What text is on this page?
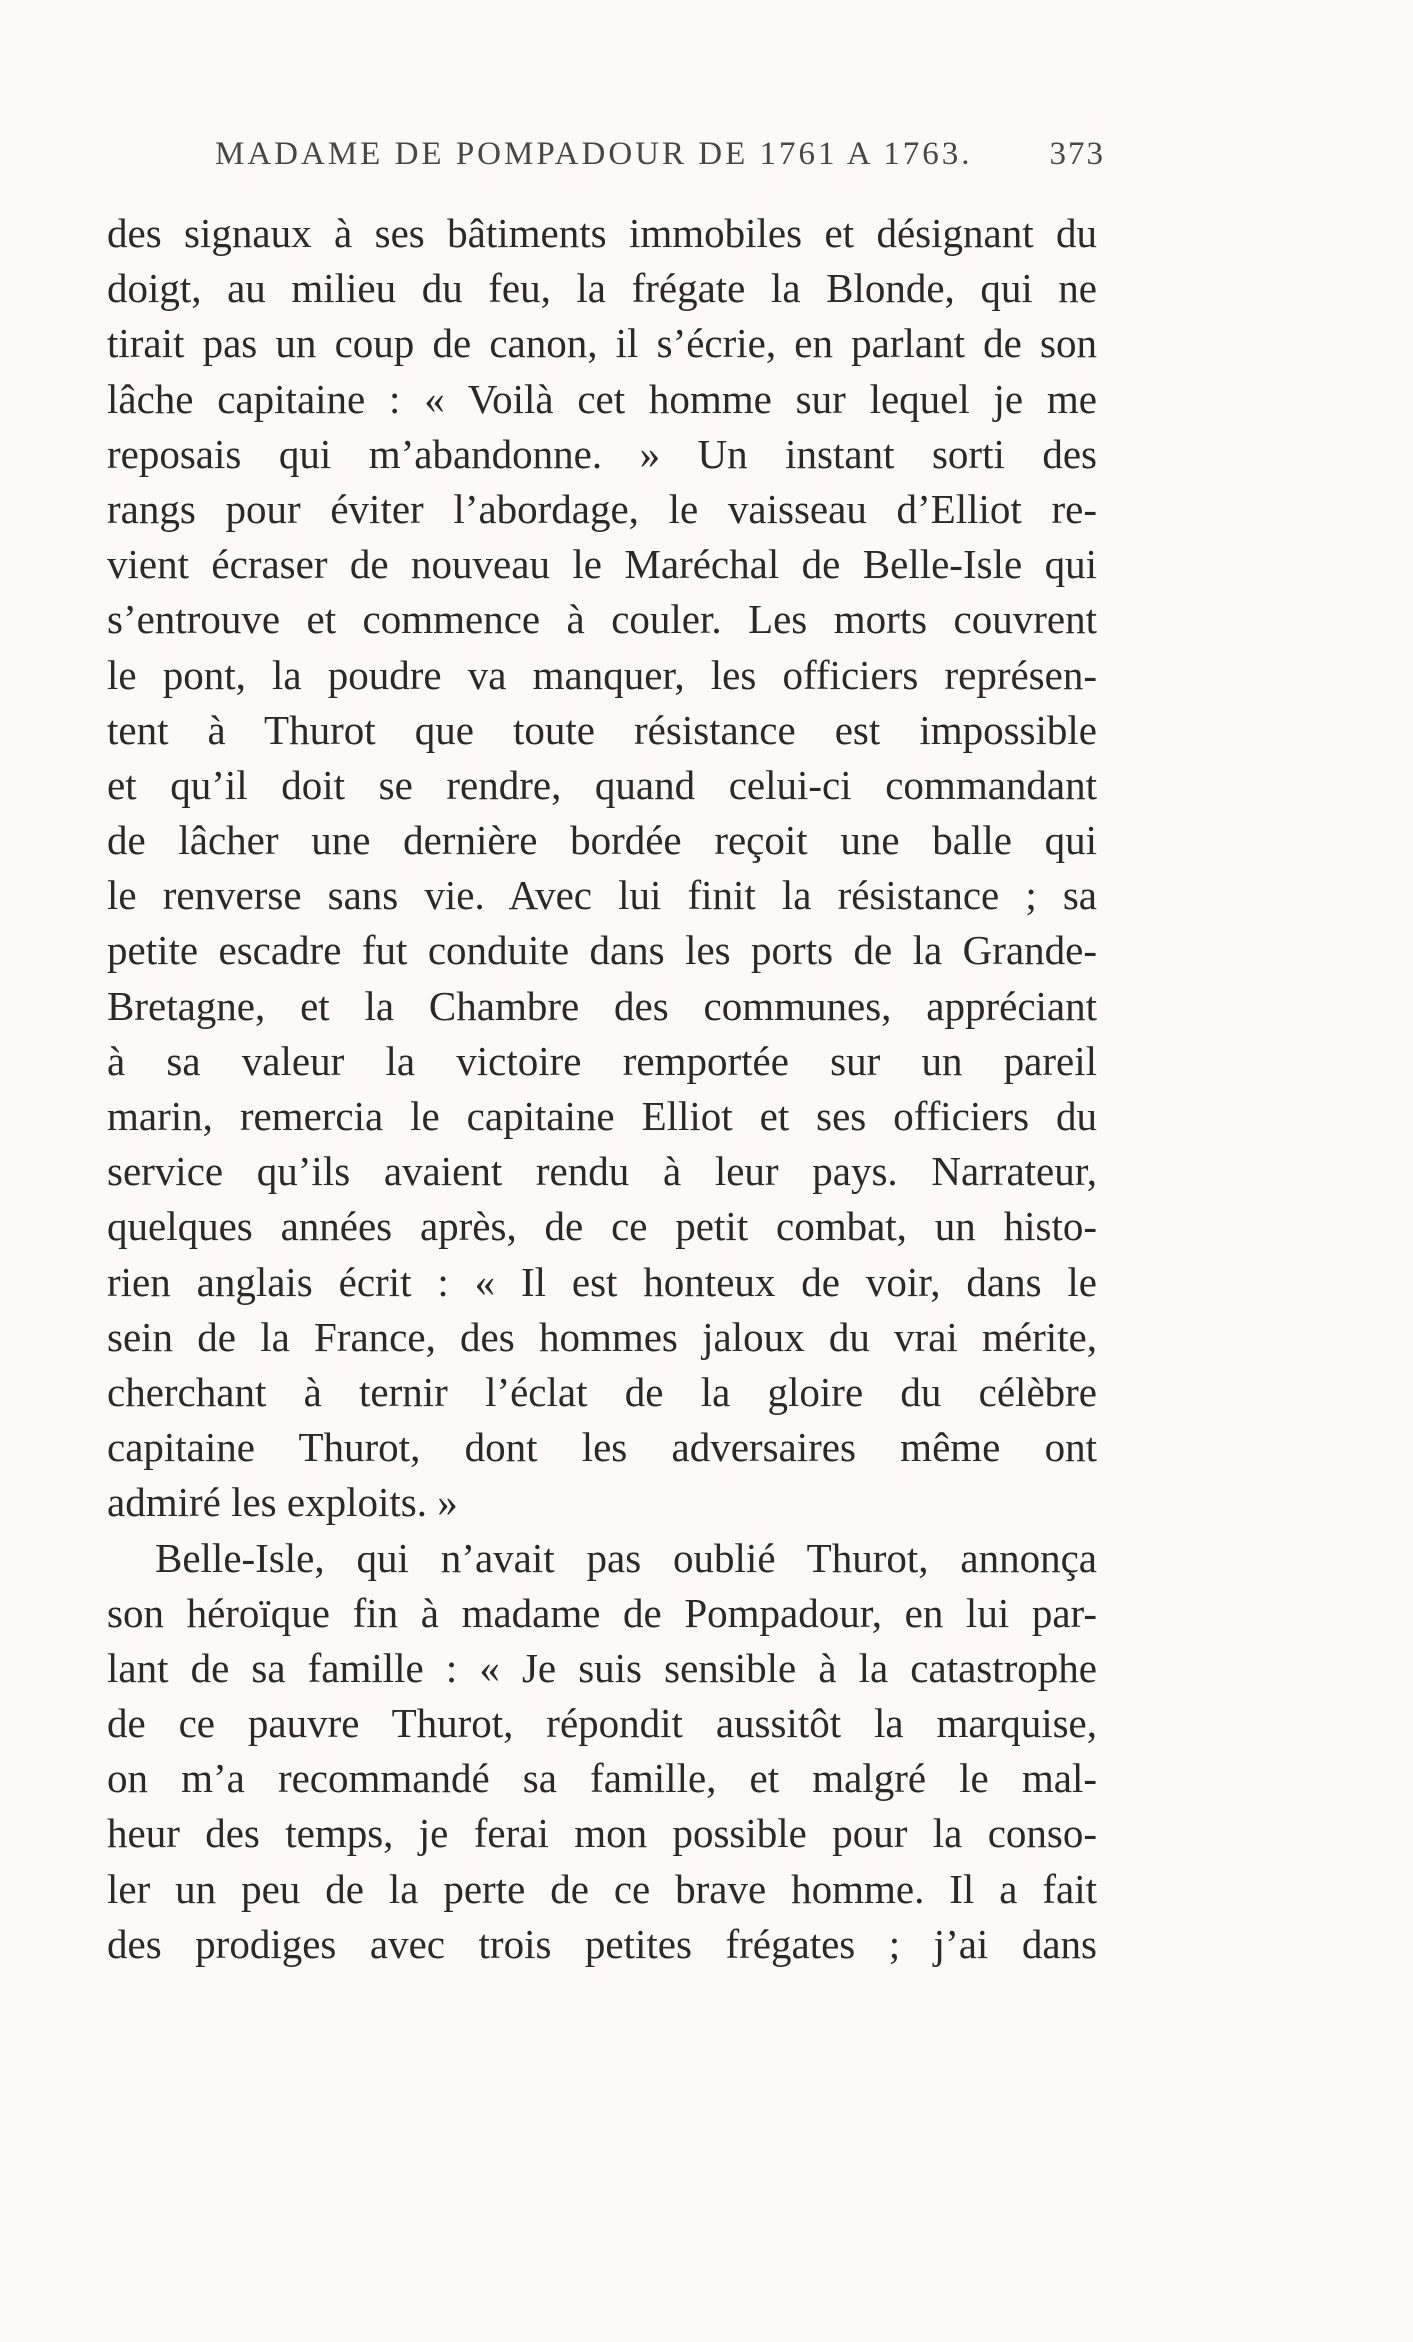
MADAME DE POMPADOUR DE 1761 A 1763. 373
des signaux à ses bâtiments immobiles et désignant du
doigt, au milieu du feu, la frégate la Blonde, qui ne
tirait pas un coup de canon, il s’écrie, en parlant de son
lâche capitaine : « Voilà cet homme sur lequel je me
reposais qui m’abandonne. » Un instant sorti des
rangs pour éviter l’abordage, le vaisseau d’Elliot re-
vient écraser de nouveau le Maréchal de Belle-Isle qui
s’entrouve et commence à couler. Les morts couvrent
le pont, la poudre va manquer, les officiers représen-
tent à Thurot que toute résistance est impossible
et qu’il doit se rendre, quand celui-ci commandant
de lâcher une dernière bordée reçoit une balle qui
le renverse sans vie. Avec lui finit la résistance ; sa
petite escadre fut conduite dans les ports de la Grande-
Bretagne, et la Chambre des communes, appréciant
à sa valeur la victoire remportée sur un pareil
marin, remercia le capitaine Elliot et ses officiers du
service qu’ils avaient rendu à leur pays. Narrateur,
quelques années après, de ce petit combat, un histo-
rien anglais écrit : « Il est honteux de voir, dans le
sein de la France, des hommes jaloux du vrai mérite,
cherchant à ternir l’éclat de la gloire du célèbre
capitaine Thurot, dont les adversaires même ont
admiré les exploits. »
Belle-Isle, qui n’avait pas oublié Thurot, annonça
son héroïque fin à madame de Pompadour, en lui par-
lant de sa famille : « Je suis sensible à la catastrophe
de ce pauvre Thurot, répondit aussitôt la marquise,
on m’a recommandé sa famille, et malgré le mal-
heur des temps, je ferai mon possible pour la conso-
ler un peu de la perte de ce brave homme. Il a fait
des prodiges avec trois petites frégates ; j’ai dans
